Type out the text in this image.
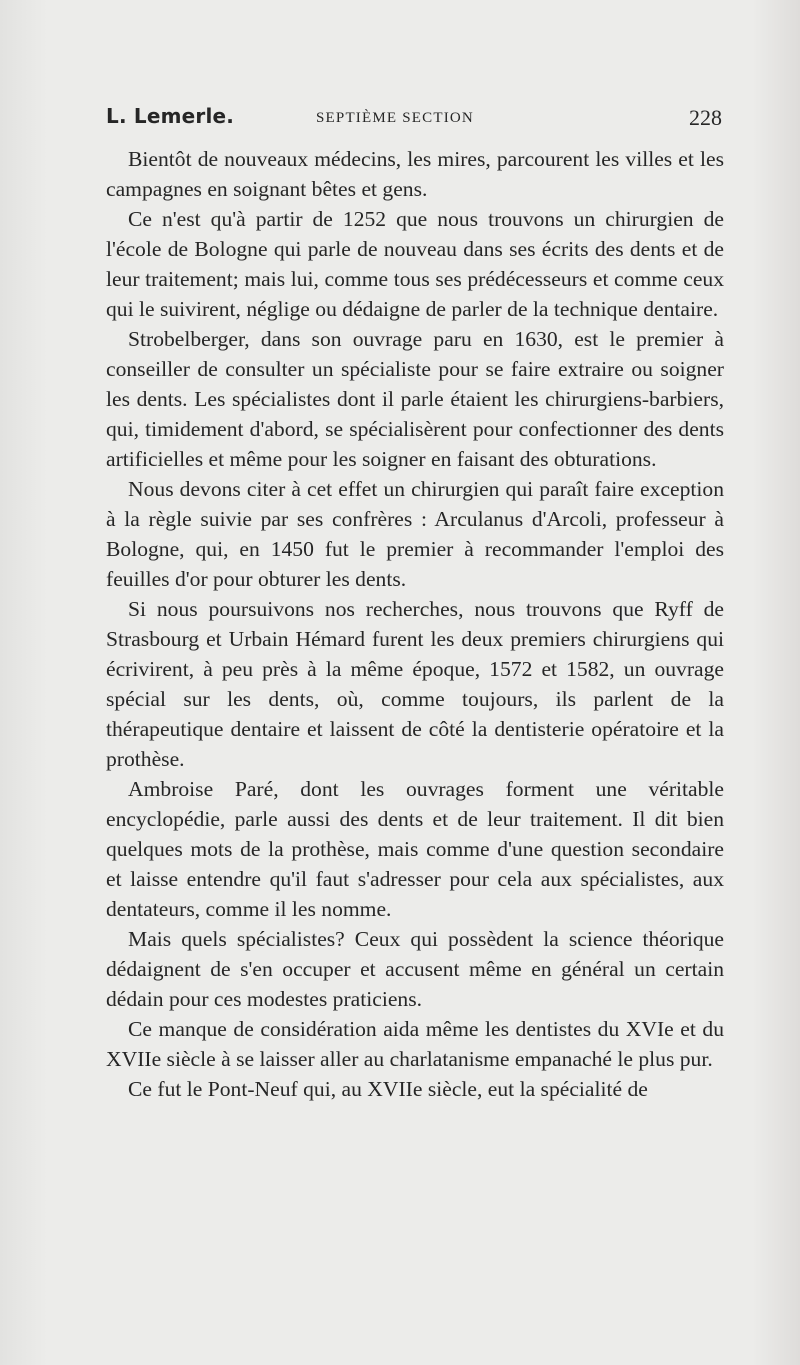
L. Lemerle.	SEPTIÈME SECTION	228

Bientôt de nouveaux médecins, les mires, parcourent les villes et les campagnes en soignant bêtes et gens.

Ce n'est qu'à partir de 1252 que nous trouvons un chirurgien de l'école de Bologne qui parle de nouveau dans ses écrits des dents et de leur traitement; mais lui, comme tous ses prédécesseurs et comme ceux qui le suivirent, néglige ou dédaigne de parler de la technique dentaire.

Strobelberger, dans son ouvrage paru en 1630, est le premier à conseiller de consulter un spécialiste pour se faire extraire ou soigner les dents. Les spécialistes dont il parle étaient les chirurgiens-barbiers, qui, timidement d'abord, se spécialisèrent pour confectionner des dents artificielles et même pour les soigner en faisant des obturations.

Nous devons citer à cet effet un chirurgien qui paraît faire exception à la règle suivie par ses confrères : Arculanus d'Arcoli, professeur à Bologne, qui, en 1450 fut le premier à recommander l'emploi des feuilles d'or pour obturer les dents.

Si nous poursuivons nos recherches, nous trouvons que Ryff de Strasbourg et Urbain Hémard furent les deux premiers chirurgiens qui écrivirent, à peu près à la même époque, 1572 et 1582, un ouvrage spécial sur les dents, où, comme toujours, ils parlent de la thérapeutique dentaire et laissent de côté la dentisterie opératoire et la prothèse.

Ambroise Paré, dont les ouvrages forment une véritable encyclopédie, parle aussi des dents et de leur traitement. Il dit bien quelques mots de la prothèse, mais comme d'une question secondaire et laisse entendre qu'il faut s'adresser pour cela aux spécialistes, aux dentateurs, comme il les nomme.

Mais quels spécialistes? Ceux qui possèdent la science théorique dédaignent de s'en occuper et accusent même en général un certain dédain pour ces modestes praticiens.

Ce manque de considération aida même les dentistes du XVIe et du XVIIe siècle à se laisser aller au charlatanisme empanaché le plus pur.

Ce fut le Pont-Neuf qui, au XVIIe siècle, eut la spécialité de
